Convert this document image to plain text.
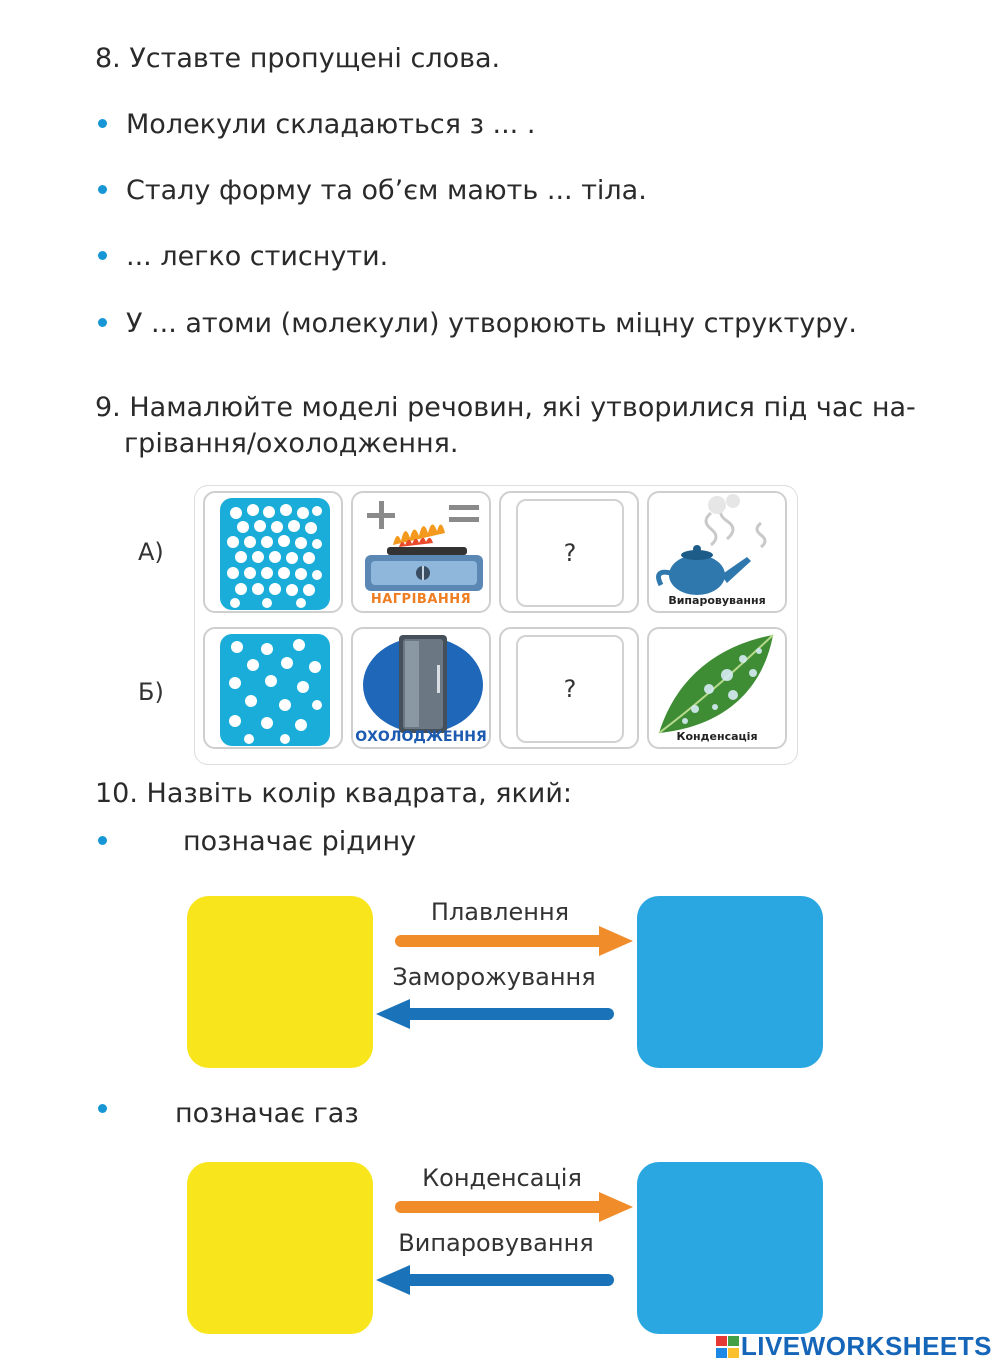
8. Уставте пропущені слова.
Молекули складаються з ... .
Сталу форму та об’єм мають ... тіла.
... легко стиснути.
У ... атоми (молекули) утворюють міцну структуру.
9. Намалюйте моделі речовин, які утворилися під час на-
грівання/охолодження.
А)
НАГРІВАННЯ
?
Випаровування
Б)
ОХОЛОДЖЕННЯ
?
Конденсація
10. Назвіть колір квадрата, який:
позначає рідину
Плавлення
Заморожування
позначає газ
Конденсація
Випаровування
LIVEWORKSHEETS
